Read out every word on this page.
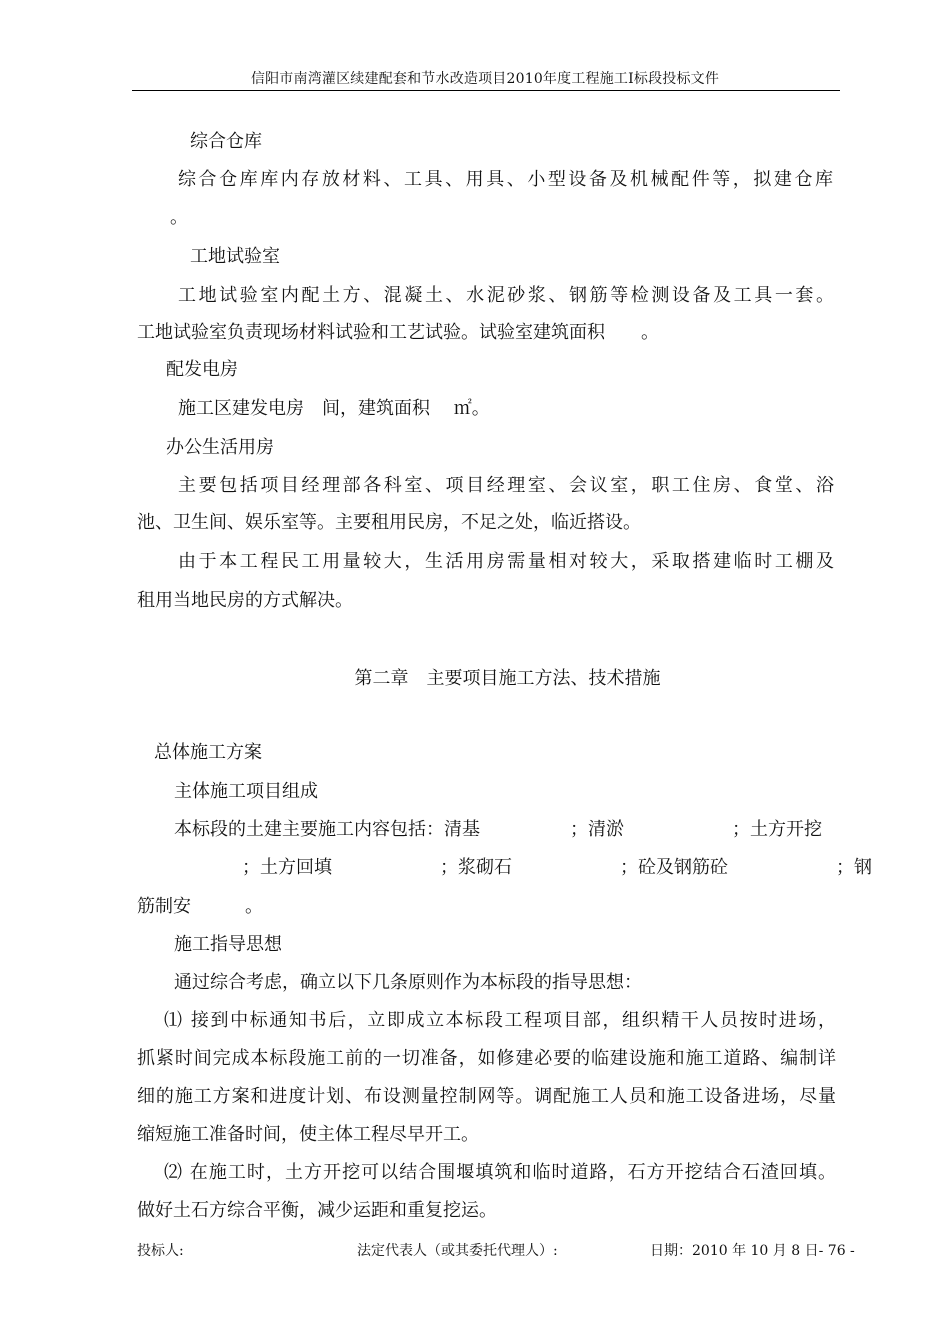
信阳市南湾灌区续建配套和节水改造项目2010年度工程施工I标段投标文件
综合仓库
综合仓库库内存放材料、工具、用具、小型设备及机械配件等，拟建仓库
。
工地试验室
工地试验室内配土方、混凝土、水泥砂浆、钢筋等检测设备及工具一套。
工地试验室负责现场材料试验和工艺试验。试验室建筑面积　　。
配发电房
施工区建发电房　间，建筑面积　 ㎡。
办公生活用房
主要包括项目经理部各科室、项目经理室、会议室，职工住房、食堂、浴
池、卫生间、娱乐室等。主要租用民房，不足之处，临近搭设。
由于本工程民工用量较大，生活用房需量相对较大，采取搭建临时工棚及
租用当地民房的方式解决。
第二章　主要项目施工方法、技术措施
总体施工方案
主体施工项目组成
本标段的土建主要施工内容包括：清基　　　　　；清淤　　　　　　；土方开挖
　；土方回填　　　　　　；浆砌石　　　　　　；砼及钢筋砼　　　　　　；钢
筋制安　　　。
施工指导思想
通过综合考虑，确立以下几条原则作为本标段的指导思想：
⑴ 接到中标通知书后，立即成立本标段工程项目部，组织精干人员按时进场，
抓紧时间完成本标段施工前的一切准备，如修建必要的临建设施和施工道路、编制详
细的施工方案和进度计划、布设测量控制网等。调配施工人员和施工设备进场，尽量
缩短施工准备时间，使主体工程尽早开工。
⑵ 在施工时，土方开挖可以结合围堰填筑和临时道路，石方开挖结合石渣回填。
做好土石方综合平衡，减少运距和重复挖运。
投标人:	法定代表人（或其委托代理人）:	日期：2010 年 10 月 8 日- 76 -
